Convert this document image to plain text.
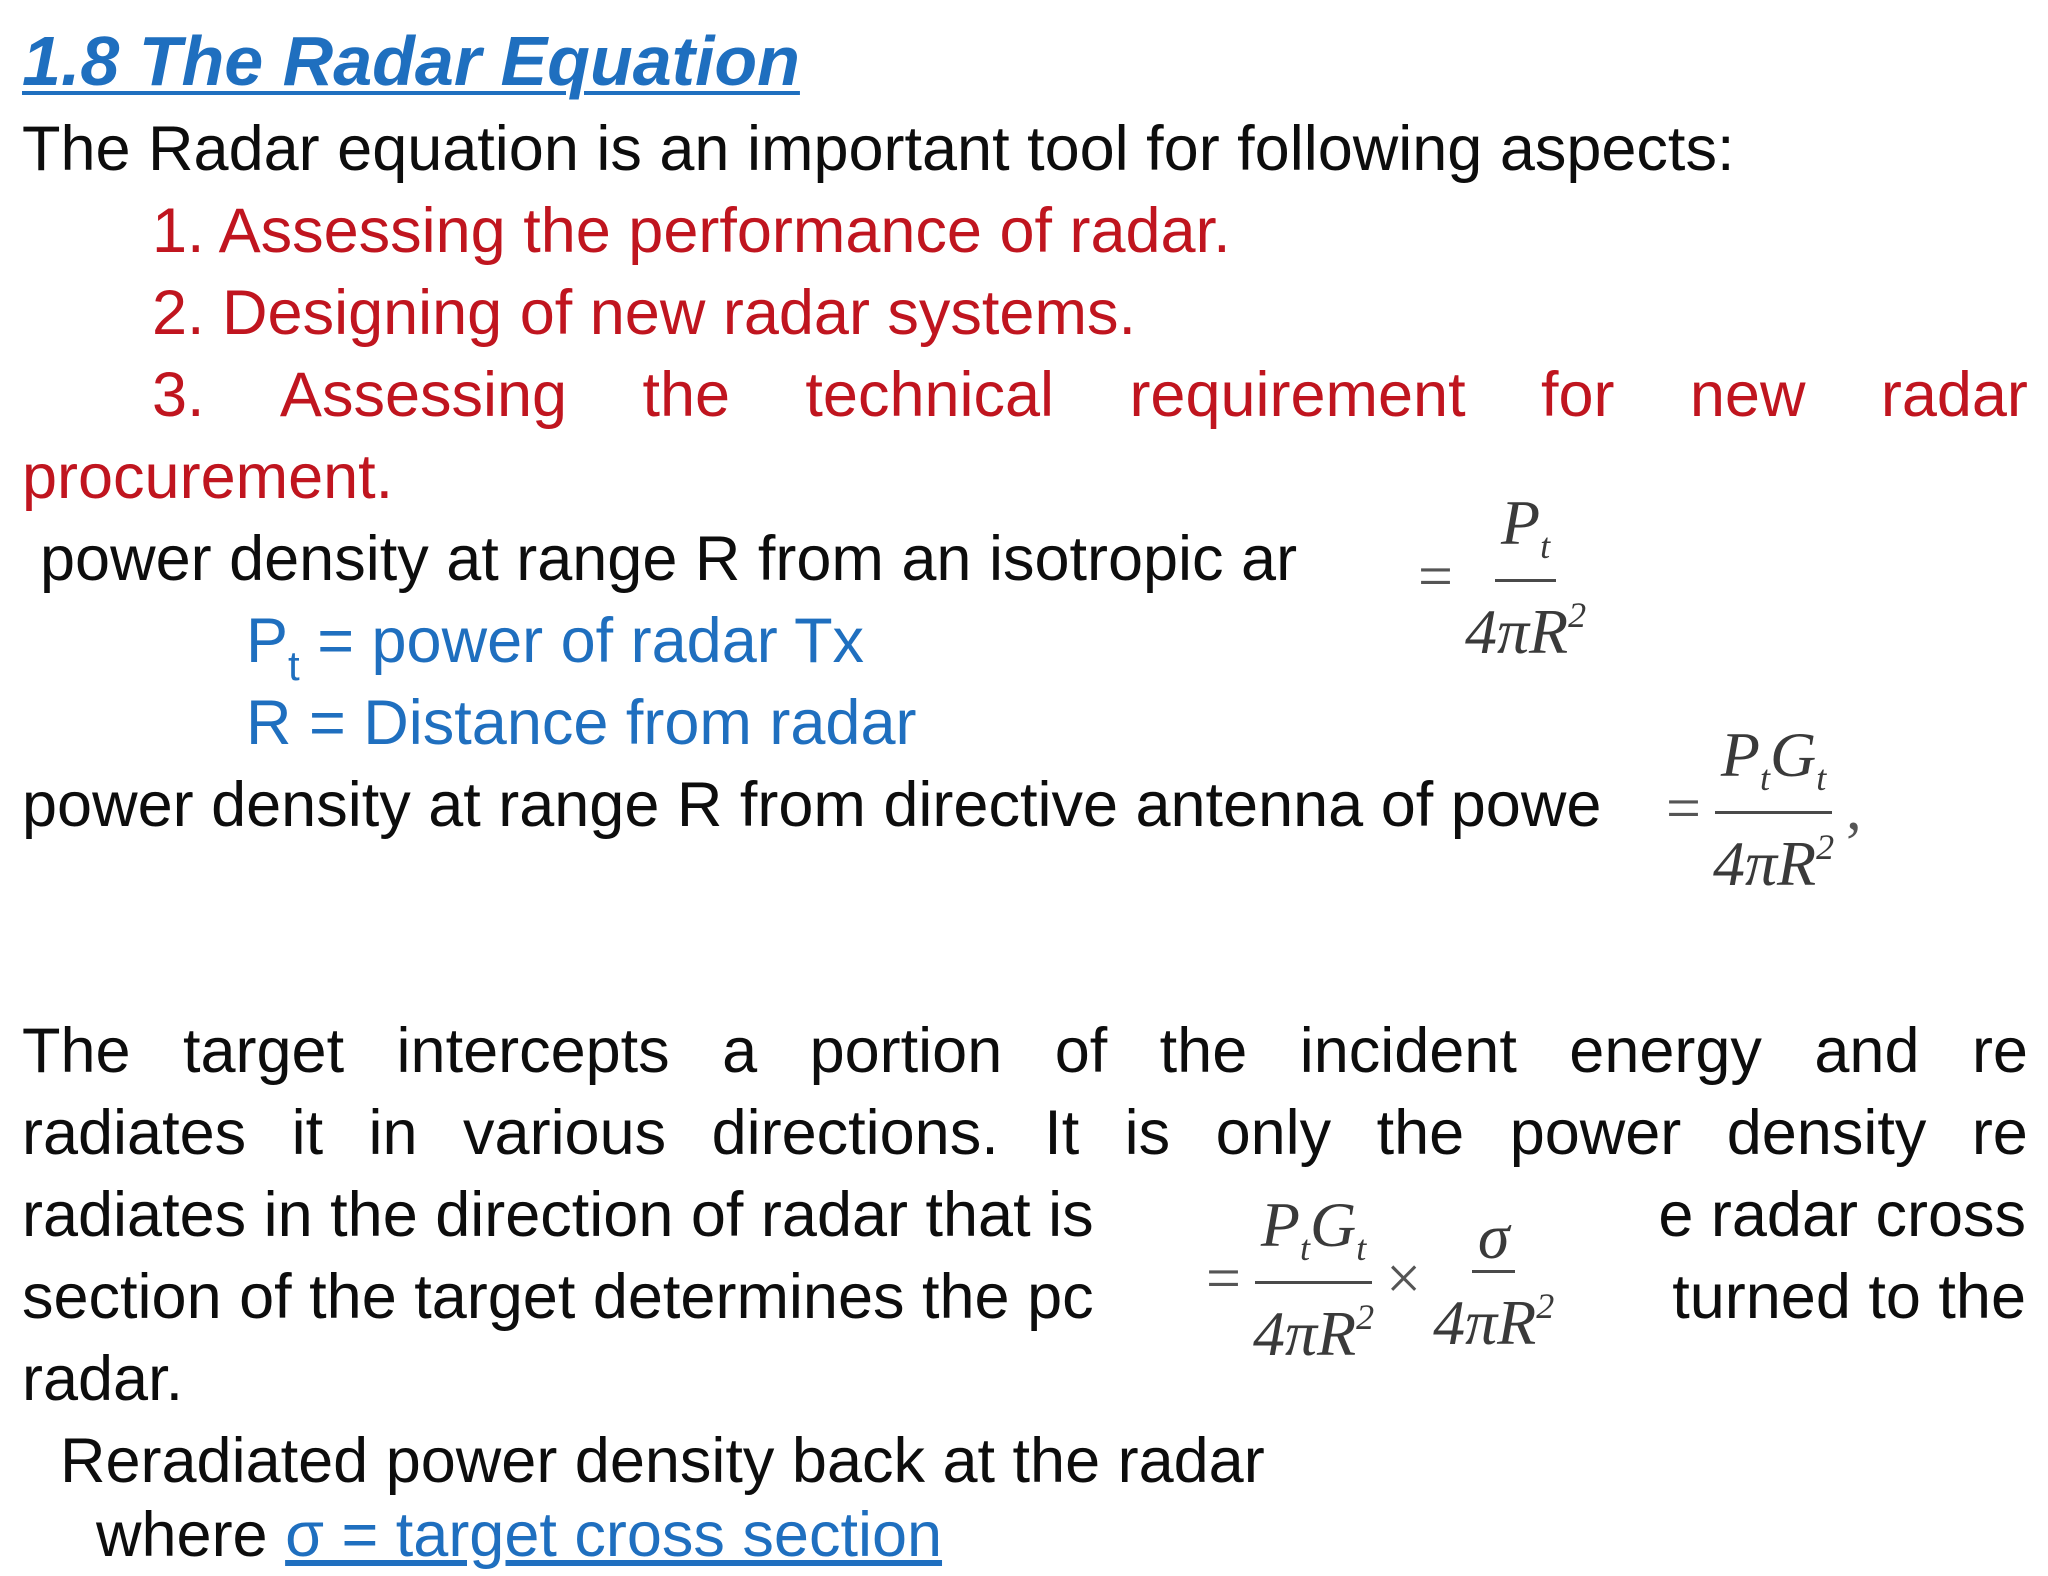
1.8 The Radar Equation
The Radar equation is an important tool for following aspects:
1. Assessing the performance of radar.
2. Designing of new radar systems.
3. Assessing the technical requirement for new radar
procurement.
power density at range R from an isotropic ar	= $\frac{P_t}{4\pi R^2}$
$P_t$ = power of radar Tx
R = Distance from radar
power density at range R from directive antenna of powe	= $\frac{P_tG_t}{4\pi R^2}$ ,
The target intercepts a portion of the incident energy and re
radiates it in various directions. It is only the power density re
radiates in the direction of radar that is	e radar cross
section of the target determines the pc	turned to the
radar.
= $\frac{P_tG_t}{4\pi R^2} \times \frac{\sigma}{4\pi R^2}$
Reradiated power density back at the radar
where σ = target cross section
